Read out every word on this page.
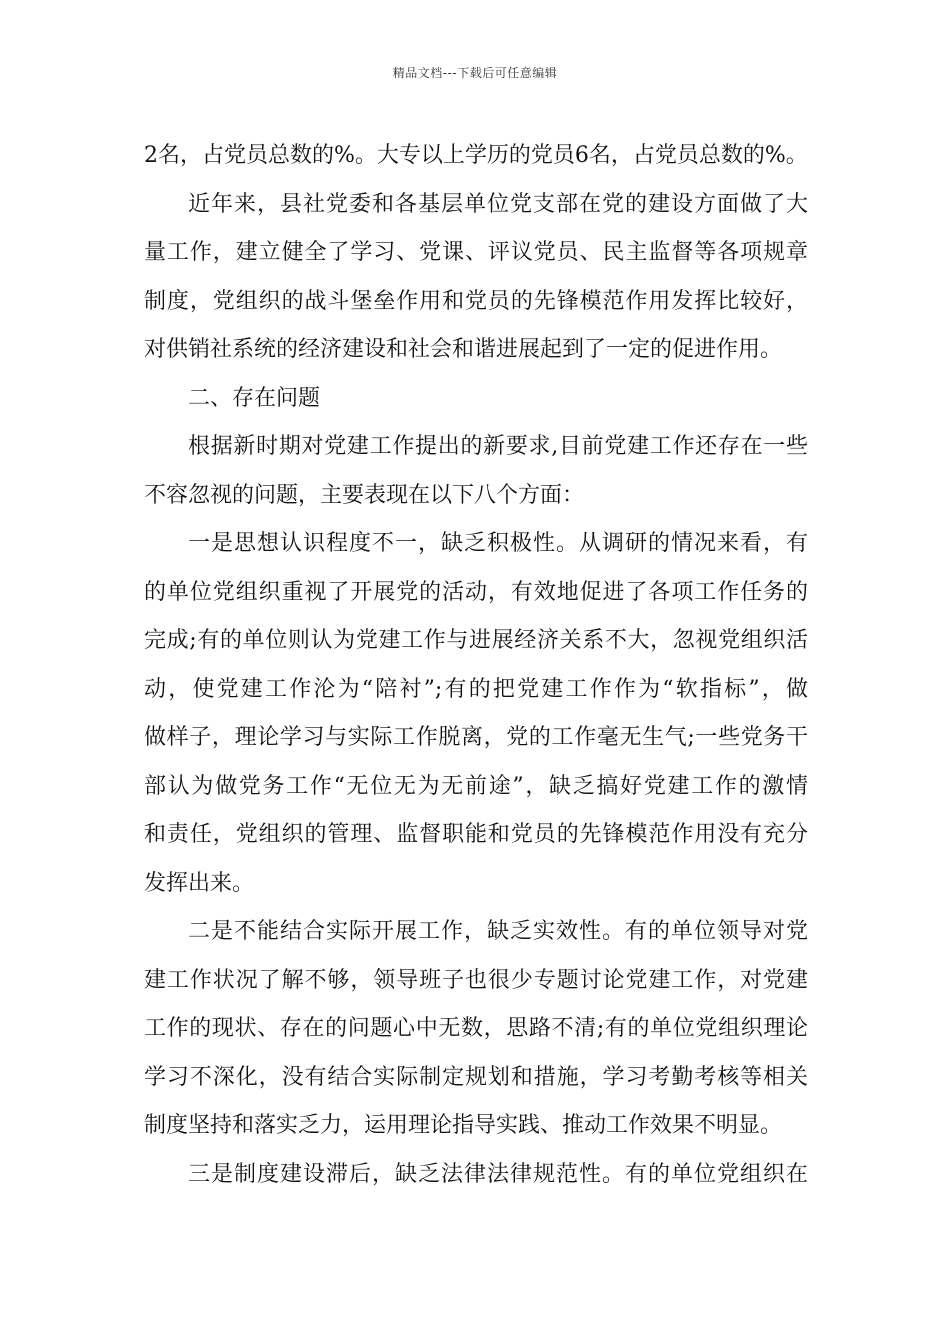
精品文档---下载后可任意编辑
2名，占党员总数的%。大专以上学历的党员6名，占党员总数的%。
近年来，县社党委和各基层单位党支部在党的建设方面做了大
量工作，建立健全了学习、党课、评议党员、民主监督等各项规章
制度，党组织的战斗堡垒作用和党员的先锋模范作用发挥比较好，
对供销社系统的经济建设和社会和谐进展起到了一定的促进作用。
二、存在问题
根据新时期对党建工作提出的新要求,目前党建工作还存在一些
不容忽视的问题，主要表现在以下八个方面：
一是思想认识程度不一，缺乏积极性。从调研的情况来看，有
的单位党组织重视了开展党的活动，有效地促进了各项工作任务的
完成;有的单位则认为党建工作与进展经济关系不大，忽视党组织活
动，使党建工作沦为“陪衬”;有的把党建工作作为“软指标”，做
做样子，理论学习与实际工作脱离，党的工作毫无生气;一些党务干
部认为做党务工作“无位无为无前途”，缺乏搞好党建工作的激情
和责任，党组织的管理、监督职能和党员的先锋模范作用没有充分
发挥出来。
二是不能结合实际开展工作，缺乏实效性。有的单位领导对党
建工作状况了解不够，领导班子也很少专题讨论党建工作，对党建
工作的现状、存在的问题心中无数，思路不清;有的单位党组织理论
学习不深化，没有结合实际制定规划和措施，学习考勤考核等相关
制度坚持和落实乏力，运用理论指导实践、推动工作效果不明显。
三是制度建设滞后，缺乏法律法律规范性。有的单位党组织在
